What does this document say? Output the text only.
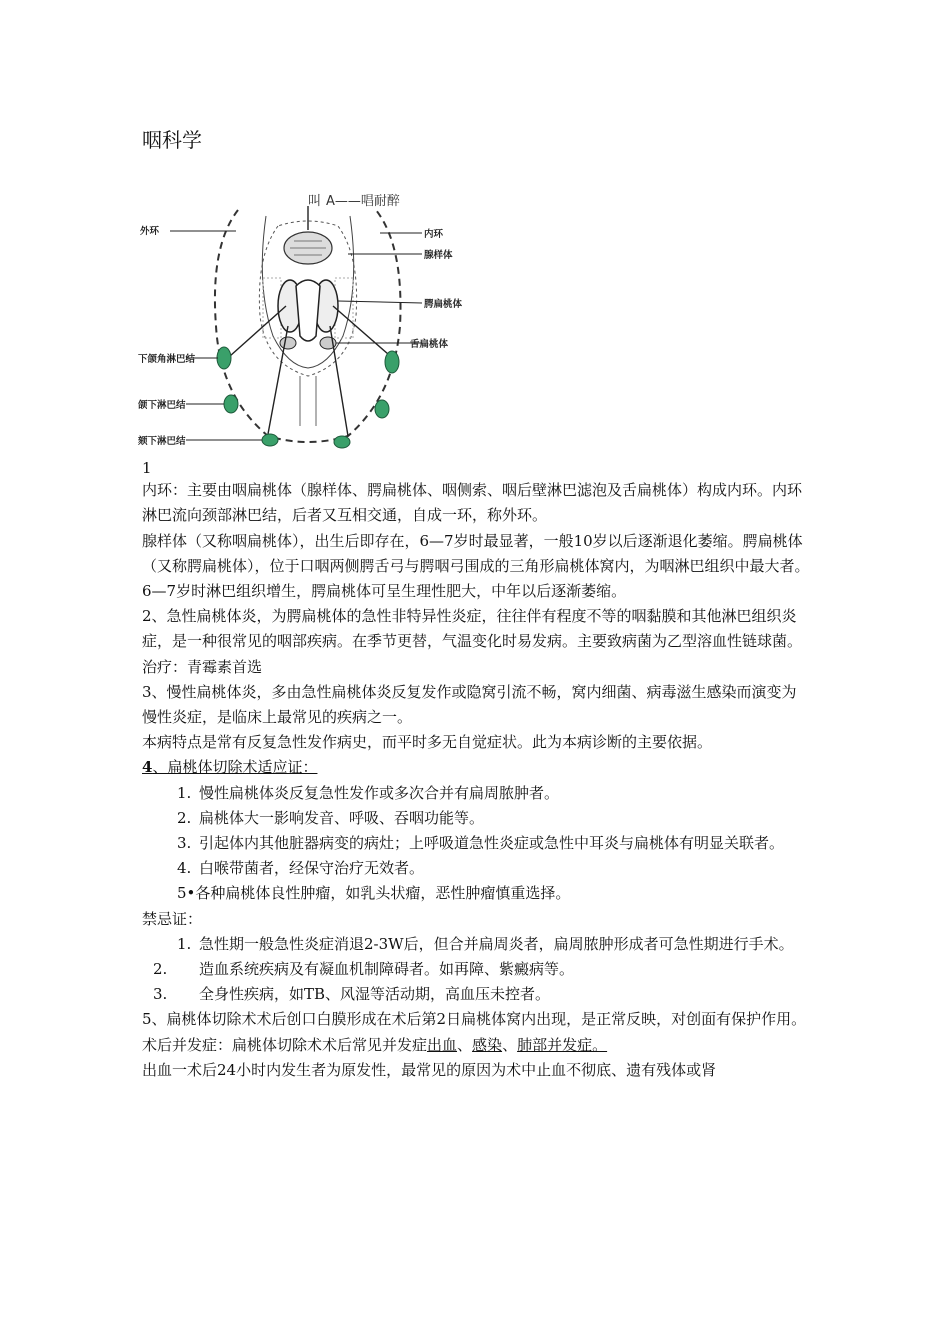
咽科学
叫 A——唱耐醉
外环	内环
腺样体
腭扁桃体
舌扁桃体
下颌角淋巴结
颌下淋巴结
颏下淋巴结

1

内环：主要由咽扁桃体（腺样体、腭扁桃体、咽侧索、咽后壁淋巴滤泡及舌扁桃体）构成内环。内环淋巴流向颈部淋巴结，后者又互相交通，自成一环，称外环。

腺样体（又称咽扁桃体），出生后即存在，6—7岁时最显著，一般10岁以后逐渐退化萎缩。腭扁桃体（又称腭扁桃体），位于口咽两侧腭舌弓与腭咽弓围成的三角形扁桃体窝内，为咽淋巴组织中最大者。6—7岁时淋巴组织增生，腭扁桃体可呈生理性肥大，中年以后逐渐萎缩。

2、急性扁桃体炎，为腭扁桃体的急性非特异性炎症，往往伴有程度不等的咽黏膜和其他淋巴组织炎症，是一种很常见的咽部疾病。在季节更替，气温变化时易发病。主要致病菌为乙型溶血性链球菌。

治疗：青霉素首选

3、慢性扁桃体炎，多由急性扁桃体炎反复发作或隐窝引流不畅，窝内细菌、病毒滋生感染而演变为慢性炎症，是临床上最常见的疾病之一。

本病特点是常有反复急性发作病史，而平时多无自觉症状。此为本病诊断的主要依据。

4、扁桃体切除术适应证：

1. 慢性扁桃体炎反复急性发作或多次合并有扁周脓肿者。

2. 扁桃体大一影响发音、呼吸、吞咽功能等。

3. 引起体内其他脏器病变的病灶；上呼吸道急性炎症或急性中耳炎与扁桃体有明显关联者。

4. 白喉带菌者，经保守治疗无效者。

5•各种扁桃体良性肿瘤，如乳头状瘤，恶性肿瘤慎重选择。

禁忌证：

1. 急性期一般急性炎症消退2-3W后，但合并扁周炎者，扁周脓肿形成者可急性期进行手术。

2. 造血系统疾病及有凝血机制障碍者。如再障、紫癜病等。

3. 全身性疾病，如TB、风湿等活动期，高血压未控者。

5、扁桃体切除术术后创口白膜形成在术后第2日扁桃体窝内出现，是正常反映，对创面有保护作用。

术后并发症：扁桃体切除术术后常见并发症出血、感染、肺部并发症。

出血一术后24小时内发生者为原发性，最常见的原因为术中止血不彻底、遗有残体或肾
